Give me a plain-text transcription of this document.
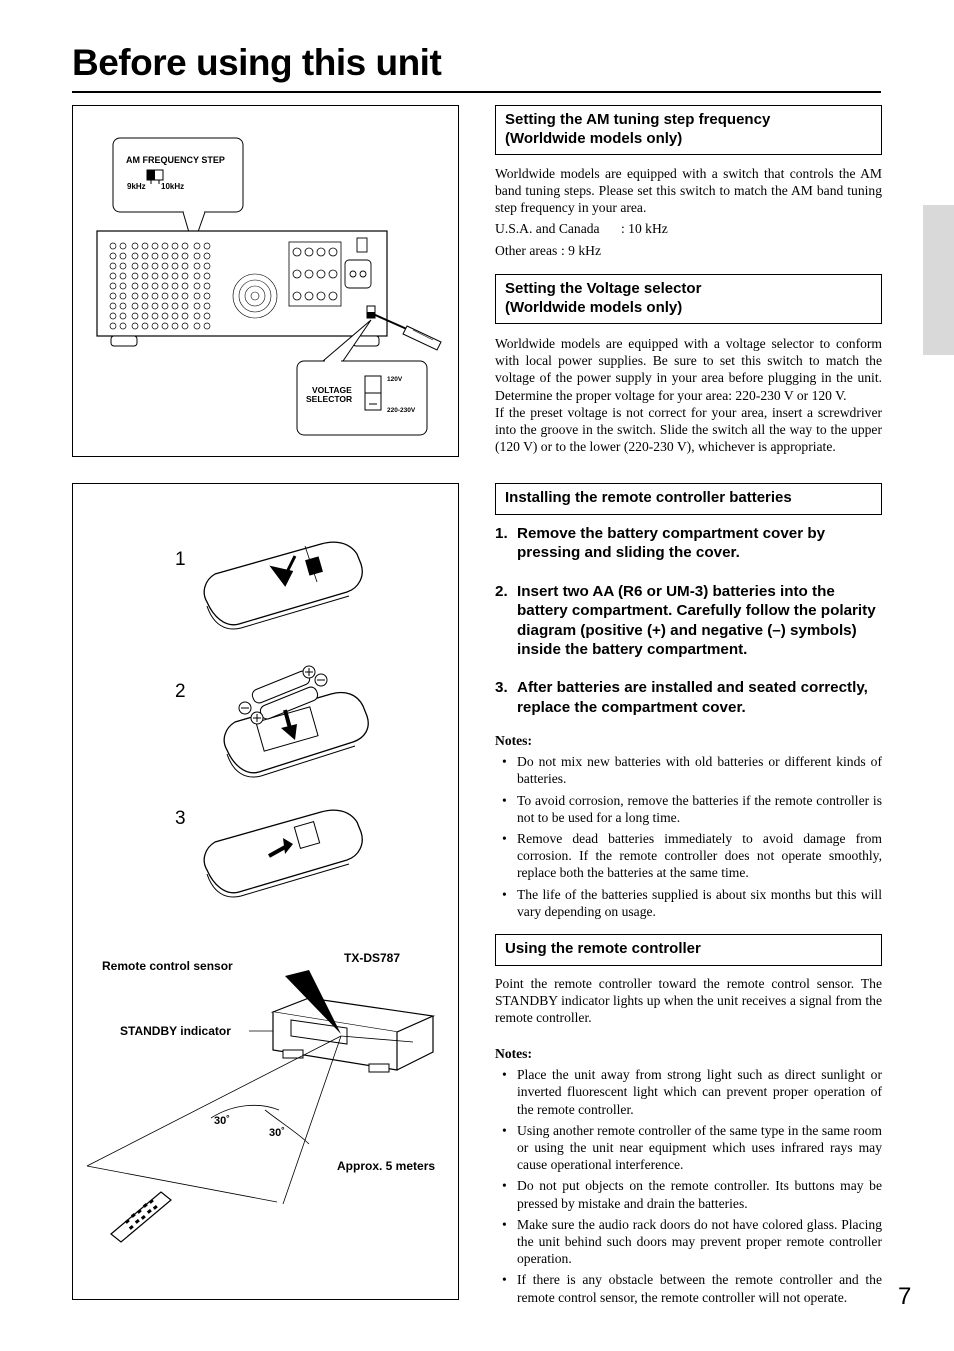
Before using this unit
AM FREQUENCY STEP
9kHz 10kHz
VOLTAGE
SELECTOR
120V
220-230V
1
2
3
Remote control sensor
TX-DS787
STANDBY indicator
30˚
30˚
Approx. 5 meters
Setting the AM tuning step frequency
(Worldwide models only)

Worldwide models are equipped with a switch that controls the AM band tuning steps. Please set this switch to match the AM band tuning step frequency in your area.

U.S.A. and Canada	: 10 kHz
Other areas : 9 kHz
Setting the Voltage selector
(Worldwide models only)
Worldwide models are equipped with a voltage selector to conform with local power supplies. Be sure to set this switch to match the voltage of the power supply in your area before plugging in the unit. Determine the proper voltage for your area: 220-230 V or 120 V.
If the preset voltage is not correct for your area, insert a screwdriver into the groove in the switch. Slide the switch all the way to the upper (120 V) or to the lower (220-230 V), whichever is appropriate.
Installing the remote controller batteries
1. Remove the battery compartment cover by pressing and sliding the cover.
2. Insert two AA (R6 or UM-3) batteries into the battery compartment. Carefully follow the polarity diagram (positive (+) and negative (–) symbols) inside the battery compartment.
3. After batteries are installed and seated correctly, replace the compartment cover.
Notes:
• Do not mix new batteries with old batteries or different kinds of batteries.
• To avoid corrosion, remove the batteries if the remote controller is not to be used for a long time.
• Remove dead batteries immediately to avoid damage from corrosion. If the remote controller does not operate smoothly, replace both the batteries at the same time.
• The life of the batteries supplied is about six months but this will vary depending on usage.
Using the remote controller

Point the remote controller toward the remote control sensor. The STANDBY indicator lights up when the unit receives a signal from the remote controller.

Notes:
• Place the unit away from strong light such as direct sunlight or inverted fluorescent light which can prevent proper operation of the remote controller.
• Using another remote controller of the same type in the same room or using the unit near equipment which uses infrared rays may cause operational interference.
• Do not put objects on the remote controller. Its buttons may be pressed by mistake and drain the batteries.
• Make sure the audio rack doors do not have colored glass. Placing the unit behind such doors may prevent proper remote controller operation.
• If there is any obstacle between the remote controller and the remote control sensor, the remote controller will not operate.	7
